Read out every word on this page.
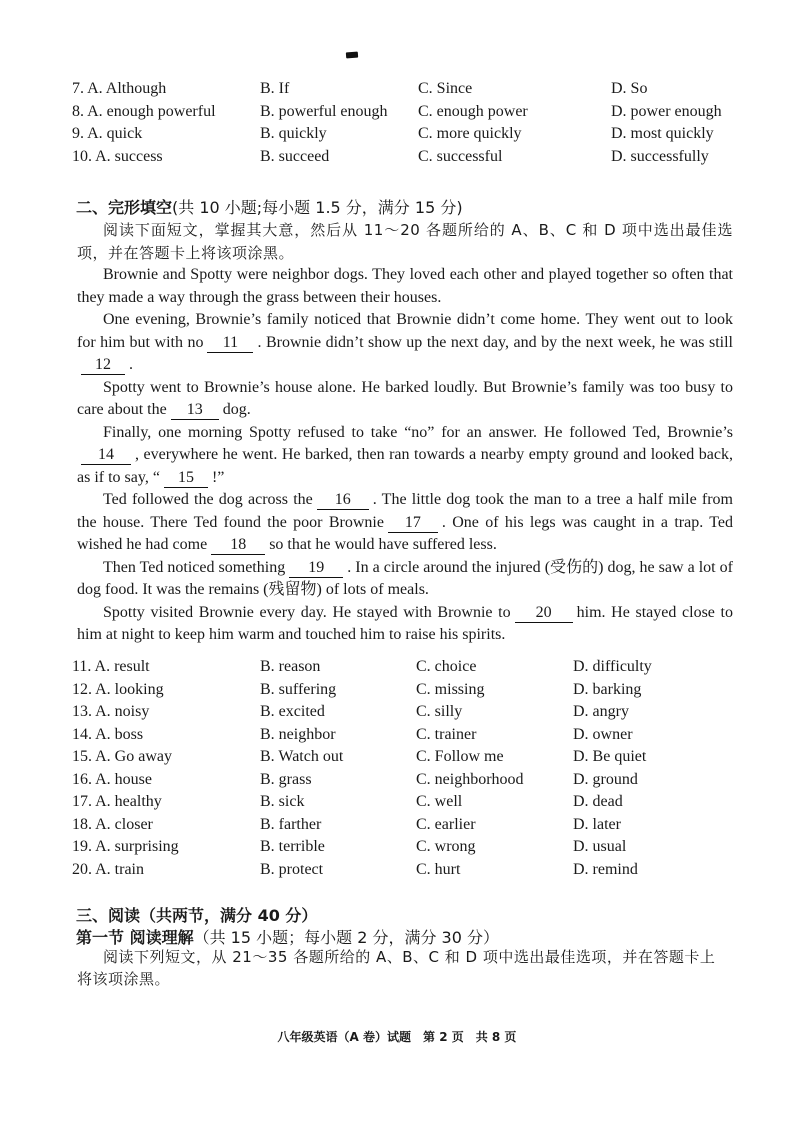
7. A. Although	B. If	C. Since	D. So
8. A. enough powerful	B. powerful enough	C. enough power	D. power enough
9. A. quick	B. quickly	C. more quickly	D. most quickly
10. A. success	B. succeed	C. successful	D. successfully
二、完形填空(共 10 小题;每小题 1.5 分，满分 15 分)

阅读下面短文，掌握其大意，然后从 11～20 各题所给的 A、B、C 和 D 项中选出最佳选项，并在答题卡上将该项涂黑。

Brownie and Spotty were neighbor dogs. They loved each other and played together so often that they made a way through the grass between their houses.

One evening, Brownie’s family noticed that Brownie didn’t come home. They went out to look for him but with no 11 . Brownie didn’t show up the next day, and by the next week, he was still12 .

Spotty went to Brownie’s house alone. He barked loudly. But Brownie’s family was too busy to care about the 13 dog.

Finally, one morning Spotty refused to take “no” for an answer. He followed Ted, Brownie’s14 , everywhere he went. He barked, then ran towards a nearby empty ground and looked back, as if to say, “ 15 !”

Ted followed the dog across the 16 . The little dog took the man to a tree a half mile from the house. There Ted found the poor Brownie 17 . One of his legs was caught in a trap. Ted wished he had come 18 so that he would have suffered less.

Then Ted noticed something 19 . In a circle around the injured (受伤的) dog, he saw a lot of dog food. It was the remains (残留物) of lots of meals.

Spotty visited Brownie every day. He stayed with Brownie to 20 him. He stayed close to him at night to keep him warm and touched him to raise his spirits.

11. A. result	B. reason	C. choice	D. difficulty
12. A. looking	B. suffering	C. missing	D. barking
13. A. noisy	B. excited	C. silly	D. angry
14. A. boss	B. neighbor	C. trainer	D. owner
15. A. Go away	B. Watch out	C. Follow me	D. Be quiet
16. A. house	B. grass	C. neighborhood	D. ground
17. A. healthy	B. sick	C. well	D. dead
18. A. closer	B. farther	C. earlier	D. later
19. A. surprising	B. terrible	C. wrong	D. usual
20. A. train	B. protect	C. hurt	D. remind
三、阅读（共两节，满分 40 分）
第一节 阅读理解（共 15 小题；每小题 2 分，满分 30 分）

阅读下列短文，从 21～35 各题所给的 A、B、C 和 D 项中选出最佳选项，并在答题卡上将该项涂黑。

八年级英语（A 卷）试题　第 2 页　共 8 页
